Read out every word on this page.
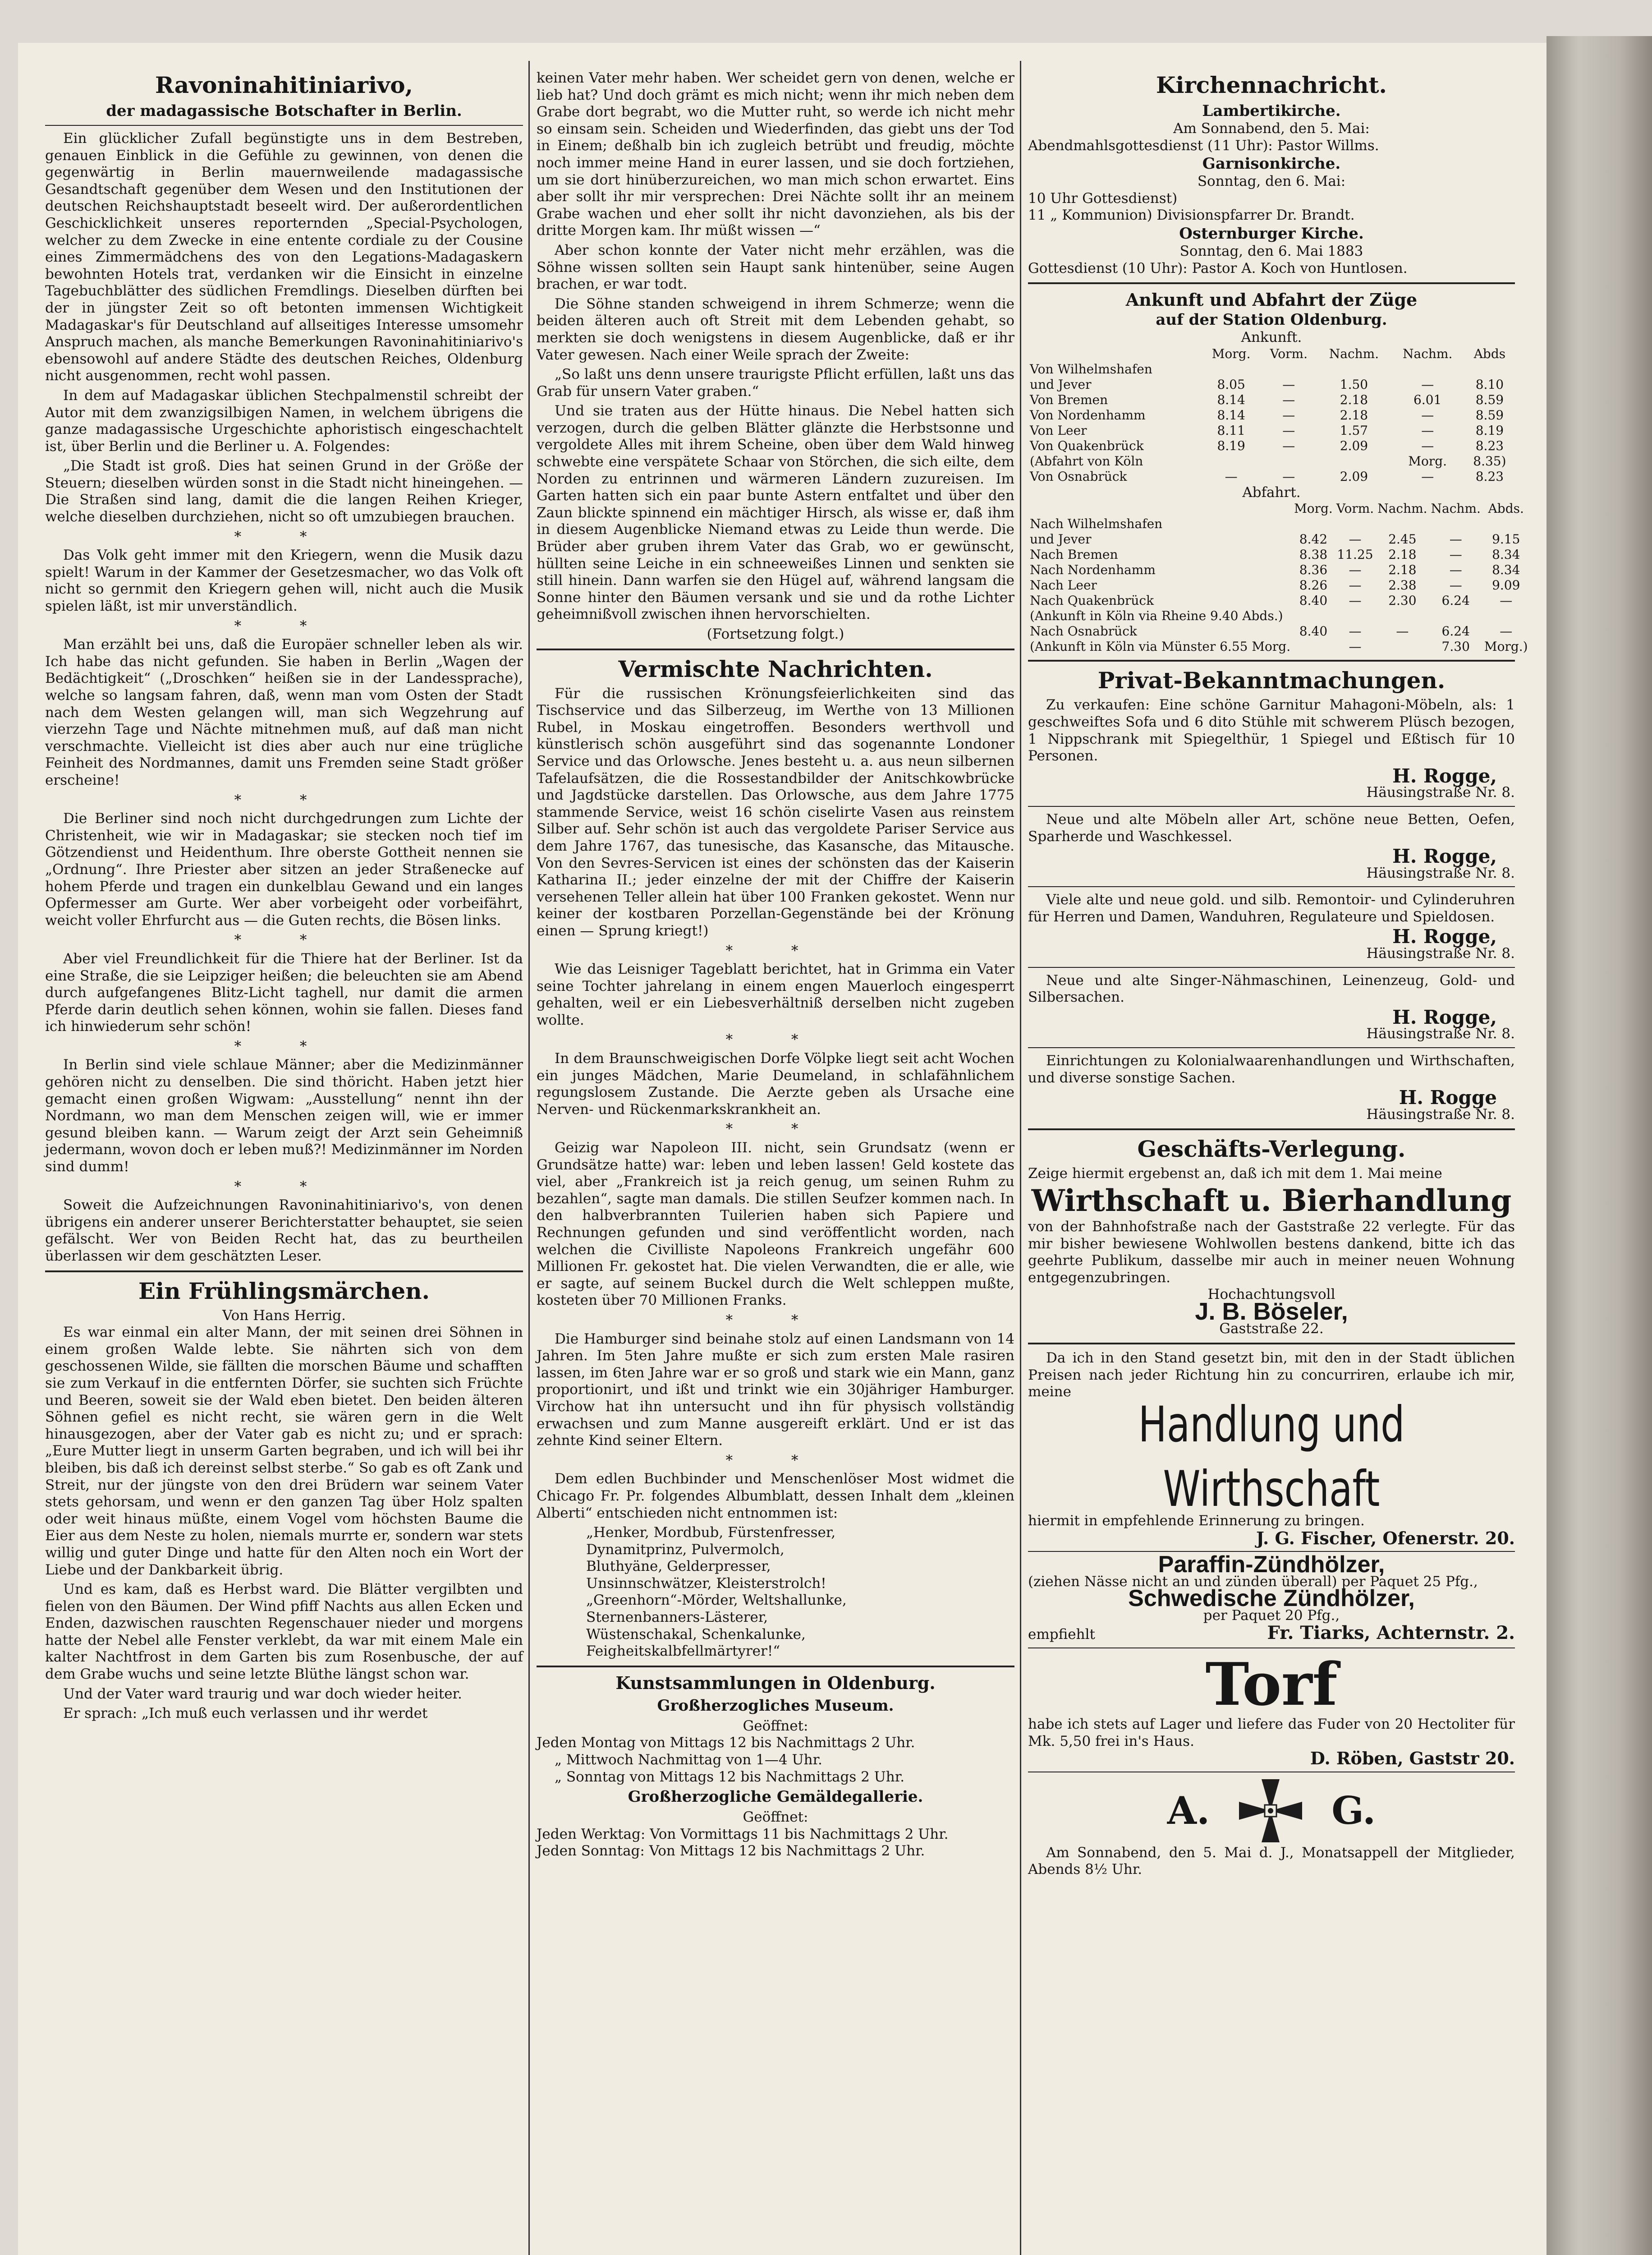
Ravoninahitiniarivo,
der madagassische Botschafter in Berlin.

Ein glücklicher Zufall begünstigte uns in dem Bestreben, genauen Einblick in die Gefühle zu gewinnen, von denen die gegenwärtig in Berlin mauernweilende madagassische Gesandtschaft gegenüber dem Wesen und den Institutionen der deutschen Reichshauptstadt beseelt wird. Der außerordentlichen Geschicklichkeit unseres reporternden „Special-Psychologen, welcher zu dem Zwecke in eine entente cordiale zu der Cousine eines Zimmermädchens des von den Legations-Madagaskern bewohnten Hotels trat, verdanken wir die Einsicht in einzelne Tagebuchblätter des südlichen Fremdlings. Dieselben dürften bei der in jüngster Zeit so oft betonten immensen Wichtigkeit Madagaskar's für Deutschland auf allseitiges Interesse umsomehr Anspruch machen, als manche Bemerkungen Ravoninahitiniarivo's ebensowohl auf andere Städte des deutschen Reiches, Oldenburg nicht ausgenommen, recht wohl passen.

In dem auf Madagaskar üblichen Stechpalmenstil schreibt der Autor mit dem zwanzigsilbigen Namen, in welchem übrigens die ganze madagassische Urgeschichte aphoristisch eingeschachtelt ist, über Berlin und die Berliner u. A. Folgendes:

„Die Stadt ist groß. Dies hat seinen Grund in der Größe der Steuern; dieselben würden sonst in die Stadt nicht hineingehen. — Die Straßen sind lang, damit die die langen Reihen Krieger, welche dieselben durchziehen, nicht so oft umzubiegen brauchen.

* *

Das Volk geht immer mit den Kriegern, wenn die Musik dazu spielt! Warum in der Kammer der Gesetzesmacher, wo das Volk oft nicht so gernmit den Kriegern gehen will, nicht auch die Musik spielen läßt, ist mir unverständlich.

* *

Man erzählt bei uns, daß die Europäer schneller leben als wir. Ich habe das nicht gefunden. Sie haben in Berlin „Wagen der Bedächtigkeit“ („Droschken“ heißen sie in der Landessprache), welche so langsam fahren, daß, wenn man vom Osten der Stadt nach dem Westen gelangen will, man sich Wegzehrung auf vierzehn Tage und Nächte mitnehmen muß, auf daß man nicht verschmachte. Vielleicht ist dies aber auch nur eine trügliche Feinheit des Nordmannes, damit uns Fremden seine Stadt größer erscheine!

* *

Die Berliner sind noch nicht durchgedrungen zum Lichte der Christenheit, wie wir in Madagaskar; sie stecken noch tief im Götzendienst und Heidenthum. Ihre oberste Gottheit nennen sie „Ordnung“. Ihre Priester aber sitzen an jeder Straßenecke auf hohem Pferde und tragen ein dunkelblau Gewand und ein langes Opfermesser am Gurte. Wer aber vorbeigeht oder vorbeifährt, weicht voller Ehrfurcht aus — die Guten rechts, die Bösen links.

* *

Aber viel Freundlichkeit für die Thiere hat der Berliner. Ist da eine Straße, die sie Leipziger heißen; die beleuchten sie am Abend durch aufgefangenes Blitz-Licht taghell, nur damit die armen Pferde darin deutlich sehen können, wohin sie fallen. Dieses fand ich hinwiederum sehr schön!

* *

In Berlin sind viele schlaue Männer; aber die Medizinmänner gehören nicht zu denselben. Die sind thöricht. Haben jetzt hier gemacht einen großen Wigwam: „Ausstellung“ nennt ihn der Nordmann, wo man dem Menschen zeigen will, wie er immer gesund bleiben kann. — Warum zeigt der Arzt sein Geheimniß jedermann, wovon doch er leben muß?! Medizinmänner im Norden sind dumm!

* *

Soweit die Aufzeichnungen Ravoninahitiniarivo's, von denen übrigens ein anderer unserer Berichterstatter behauptet, sie seien gefälscht. Wer von Beiden Recht hat, das zu beurtheilen überlassen wir dem geschätzten Leser.

Ein Frühlingsmärchen.
Von Hans Herrig.

Es war einmal ein alter Mann, der mit seinen drei Söhnen in einem großen Walde lebte. Sie nährten sich von dem geschossenen Wilde, sie fällten die morschen Bäume und schafften sie zum Verkauf in die entfernten Dörfer, sie suchten sich Früchte und Beeren, soweit sie der Wald eben bietet. Den beiden älteren Söhnen gefiel es nicht recht, sie wären gern in die Welt hinausgezogen, aber der Vater gab es nicht zu; und er sprach: „Eure Mutter liegt in unserm Garten begraben, und ich will bei ihr bleiben, bis daß ich dereinst selbst sterbe.“ So gab es oft Zank und Streit, nur der jüngste von den drei Brüdern war seinem Vater stets gehorsam, und wenn er den ganzen Tag über Holz spalten oder weit hinaus müßte, einem Vogel vom höchsten Baume die Eier aus dem Neste zu holen, niemals murrte er, sondern war stets willig und guter Dinge und hatte für den Alten noch ein Wort der Liebe und der Dankbarkeit übrig.

Und es kam, daß es Herbst ward. Die Blätter vergilbten und fielen von den Bäumen. Der Wind pfiff Nachts aus allen Ecken und Enden, dazwischen rauschten Regenschauer nieder und morgens hatte der Nebel alle Fenster verklebt, da war mit einem Male ein kalter Nachtfrost in dem Garten bis zum Rosenbusche, der auf dem Grabe wuchs und seine letzte Blüthe längst schon war.

Und der Vater ward traurig und war doch wieder heiter.

Er sprach: „Ich muß euch verlassen und ihr werdet

keinen Vater mehr haben. Wer scheidet gern von denen, welche er lieb hat? Und doch grämt es mich nicht; wenn ihr mich neben dem Grabe dort begrabt, wo die Mutter ruht, so werde ich nicht mehr so einsam sein. Scheiden und Wiederfinden, das giebt uns der Tod in Einem; deßhalb bin ich zugleich betrübt und freudig, möchte noch immer meine Hand in eurer lassen, und sie doch fortziehen, um sie dort hinüberzureichen, wo man mich schon erwartet. Eins aber sollt ihr mir versprechen: Drei Nächte sollt ihr an meinem Grabe wachen und eher sollt ihr nicht davonziehen, als bis der dritte Morgen kam. Ihr müßt wissen —“

Aber schon konnte der Vater nicht mehr erzählen, was die Söhne wissen sollten sein Haupt sank hintenüber, seine Augen brachen, er war todt.

Die Söhne standen schweigend in ihrem Schmerze; wenn die beiden älteren auch oft Streit mit dem Lebenden gehabt, so merkten sie doch wenigstens in diesem Augenblicke, daß er ihr Vater gewesen. Nach einer Weile sprach der Zweite:

„So laßt uns denn unsere traurigste Pflicht erfüllen, laßt uns das Grab für unsern Vater graben.“

Und sie traten aus der Hütte hinaus. Die Nebel hatten sich verzogen, durch die gelben Blätter glänzte die Herbstsonne und vergoldete Alles mit ihrem Scheine, oben über dem Wald hinweg schwebte eine verspätete Schaar von Störchen, die sich eilte, dem Norden zu entrinnen und wärmeren Ländern zuzureisen. Im Garten hatten sich ein paar bunte Astern entfaltet und über den Zaun blickte spinnend ein mächtiger Hirsch, als wisse er, daß ihm in diesem Augenblicke Niemand etwas zu Leide thun werde. Die Brüder aber gruben ihrem Vater das Grab, wo er gewünscht, hüllten seine Leiche in ein schneeweißes Linnen und senkten sie still hinein. Dann warfen sie den Hügel auf, während langsam die Sonne hinter den Bäumen versank und sie und da rothe Lichter geheimnißvoll zwischen ihnen hervorschielten.

(Fortsetzung folgt.)
Vermischte Nachrichten.

Für die russischen Krönungsfeierlichkeiten sind das Tischservice und das Silberzeug, im Werthe von 13 Millionen Rubel, in Moskau eingetroffen. Besonders werthvoll und künstlerisch schön ausgeführt sind das sogenannte Londoner Service und das Orlowsche. Jenes besteht u. a. aus neun silbernen Tafelaufsätzen, die die Rossestandbilder der Anitschkowbrücke und Jagdstücke darstellen. Das Orlowsche, aus dem Jahre 1775 stammende Service, weist 16 schön ciselirte Vasen aus reinstem Silber auf. Sehr schön ist auch das vergoldete Pariser Service aus dem Jahre 1767, das tunesische, das Kasansche, das Mitausche. Von den Sevres-Servicen ist eines der schönsten das der Kaiserin Katharina II.; jeder einzelne der mit der Chiffre der Kaiserin versehenen Teller allein hat über 100 Franken gekostet. Wenn nur keiner der kostbaren Porzellan-Gegenstände bei der Krönung einen — Sprung kriegt!)

* *

Wie das Leisniger Tageblatt berichtet, hat in Grimma ein Vater seine Tochter jahrelang in einem engen Mauerloch eingesperrt gehalten, weil er ein Liebesverhältniß derselben nicht zugeben wollte.

* *

In dem Braunschweigischen Dorfe Völpke liegt seit acht Wochen ein junges Mädchen, Marie Deumeland, in schlafähnlichem regungslosem Zustande. Die Aerzte geben als Ursache eine Nerven- und Rückenmarkskrankheit an.

* *

Geizig war Napoleon III. nicht, sein Grundsatz (wenn er Grundsätze hatte) war: leben und leben lassen! Geld kostete das viel, aber „Frankreich ist ja reich genug, um seinen Ruhm zu bezahlen“, sagte man damals. Die stillen Seufzer kommen nach. In den halbverbrannten Tuilerien haben sich Papiere und Rechnungen gefunden und sind veröffentlicht worden, nach welchen die Civilliste Napoleons Frankreich ungefähr 600 Millionen Fr. gekostet hat. Die vielen Verwandten, die er alle, wie er sagte, auf seinem Buckel durch die Welt schleppen mußte, kosteten über 70 Millionen Franks.

* *

Die Hamburger sind beinahe stolz auf einen Landsmann von 14 Jahren. Im 5ten Jahre mußte er sich zum ersten Male rasiren lassen, im 6ten Jahre war er so groß und stark wie ein Mann, ganz proportionirt, und ißt und trinkt wie ein 30jähriger Hamburger. Virchow hat ihn untersucht und ihn für physisch vollständig erwachsen und zum Manne ausgereift erklärt. Und er ist das zehnte Kind seiner Eltern.

* *

Dem edlen Buchbinder und Menschenlöser Most widmet die Chicago Fr. Pr. folgendes Albumblatt, dessen Inhalt dem „kleinen Alberti“ entschieden nicht entnommen ist:

„Henker, Mordbub, Fürstenfresser,
Dynamitprinz, Pulvermolch,
Bluthyäne, Gelderpresser,
Unsinnschwätzer, Kleisterstrolch!
„Greenhorn“-Mörder, Weltshallunke,
Sternenbanners-Lästerer,
Wüstenschakal, Schenkalunke,
Feigheitskalbfellmärtyrer!“
Kunstsammlungen in Oldenburg.
Großherzogliches Museum.
Geöffnet:
Jeden Montag von Mittags 12 bis Nachmittags 2 Uhr.
„ Mittwoch Nachmittag von 1—4 Uhr.
„ Sonntag von Mittags 12 bis Nachmittags 2 Uhr.
Großherzogliche Gemäldegallerie.
Geöffnet:
Jeden Werktag: Von Vormittags 11 bis Nachmittags 2 Uhr.
Jeden Sonntag: Von Mittags 12 bis Nachmittags 2 Uhr.
Kirchennachricht.
Lambertikirche.
Am Sonnabend, den 5. Mai:
Abendmahlsgottesdienst (11 Uhr): Pastor Willms.
Garnisonkirche.
Sonntag, den 6. Mai:
10 Uhr Gottesdienst)
11 „ Kommunion) Divisionspfarrer Dr. Brandt.
Osternburger Kirche.
Sonntag, den 6. Mai 1883
Gottesdienst (10 Uhr): Pastor A. Koch von Huntlosen.
Ankunft und Abfahrt der Züge
auf der Station Oldenburg.
Ankunft.
	Morg.	Vorm.	Nachm.	Nachm.	Abds
Von Wilhelmshafen					
und Jever	8.05	—	1.50	—	8.10
Von Bremen	8.14	—	2.18	6.01	8.59
Von Nordenhamm	8.14	—	2.18	—	8.59
Von Leer	8.11	—	1.57	—	8.19
Von Quakenbrück	8.19	—	2.09	—	8.23
(Abfahrt von Köln				Morg.	8.35)
Von Osnabrück	—	—	2.09	—	8.23
Abfahrt.
	Morg.	Vorm.	Nachm.	Nachm.	Abds.
Nach Wilhelmshafen					
und Jever	8.42	—	2.45	—	9.15
Nach Bremen	8.38	11.25	2.18	—	8.34
Nach Nordenhamm	8.36	—	2.18	—	8.34
Nach Leer	8.26	—	2.38	—	9.09
Nach Quakenbrück	8.40	—	2.30	6.24	—
(Ankunft in Köln via Rheine 9.40 Abds.)					
Nach Osnabrück	8.40	—	—	6.24	—
(Ankunft in Köln via Münster 6.55 Morg.		—		7.30	Morg.)
Privat-Bekanntmachungen.

Zu verkaufen: Eine schöne Garnitur Mahagoni-Möbeln, als: 1 geschweiftes Sofa und 6 dito Stühle mit schwerem Plüsch bezogen, 1 Nippschrank mit Spiegelthür, 1 Spiegel und Eßtisch für 10 Personen.

H. Rogge,
Häusingstraße Nr. 8.

Neue und alte Möbeln aller Art, schöne neue Betten, Oefen, Sparherde und Waschkessel.

H. Rogge,
Häusingstraße Nr. 8.

Viele alte und neue gold. und silb. Remontoir- und Cylinderuhren für Herren und Damen, Wanduhren, Regulateure und Spieldosen.

H. Rogge,
Häusingstraße Nr. 8.

Neue und alte Singer-Nähmaschinen, Leinenzeug, Gold- und Silbersachen.

H. Rogge,
Häusingstraße Nr. 8.

Einrichtungen zu Kolonialwaarenhandlungen und Wirthschaften, und diverse sonstige Sachen.

H. Rogge
Häusingstraße Nr. 8.
Geschäfts-Verlegung.
Zeige hiermit ergebenst an, daß ich mit dem 1. Mai meine
Wirthschaft u. Bierhandlung
von der Bahnhofstraße nach der Gaststraße 22 verlegte. Für das mir bisher bewiesene Wohlwollen bestens dankend, bitte ich das geehrte Publikum, dasselbe mir auch in meiner neuen Wohnung entgegenzubringen.
Hochachtungsvoll
J. B. Böseler,
Gaststraße 22.

Da ich in den Stand gesetzt bin, mit den in der Stadt üblichen Preisen nach jeder Richtung hin zu concurriren, erlaube ich mir, meine

Handlung und Wirthschaft
hiermit in empfehlende Erinnerung zu bringen.
J. G. Fischer, Ofenerstr. 20.
Paraffin-Zündhölzer,
(ziehen Nässe nicht an und zünden überall) per Paquet 25 Pfg.,
Schwedische Zündhölzer,
per Paquet 20 Pfg.,
empfiehlt	Fr. Tiarks, Achternstr. 2.
Torf
habe ich stets auf Lager und liefere das Fuder von 20 Hectoliter für Mk. 5,50 frei in's Haus.
D. Röben, Gaststr 20.
A.	G.

Am Sonnabend, den 5. Mai d. J., Monatsappell der Mitglieder, Abends 8½ Uhr.
